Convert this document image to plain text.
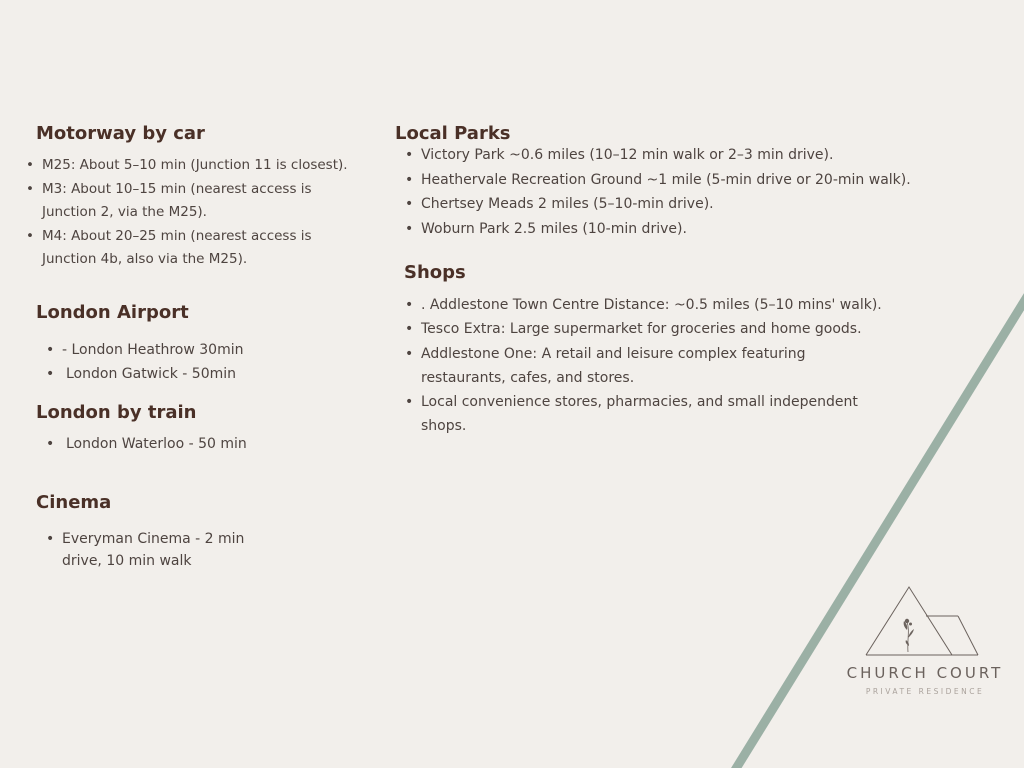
Motorway by car
• M25: About 5–10 min (Junction 11 is closest).
• M3: About 10–15 min (nearest access is
Junction 2, via the M25).
• M4: About 20–25 min (nearest access is
Junction 4b, also via the M25).
London Airport
• - London Heathrow 30min
• London Gatwick - 50min
London by train
• London Waterloo - 50 min
Cinema
• Everyman Cinema - 2 min
drive, 10 min walk
Local Parks
• Victory Park ~0.6 miles (10–12 min walk or 2–3 min drive).
• Heathervale Recreation Ground ~1 mile (5-min drive or 20-min walk).
• Chertsey Meads 2 miles (5–10-min drive).
• Woburn Park 2.5 miles (10-min drive).
Shops
• . Addlestone Town Centre Distance: ~0.5 miles (5–10 mins' walk).
• Tesco Extra: Large supermarket for groceries and home goods.
• Addlestone One: A retail and leisure complex featuring
restaurants, cafes, and stores.
• Local convenience stores, pharmacies, and small independent
shops.
CHURCH COURT
PRIVATE RESIDENCE
